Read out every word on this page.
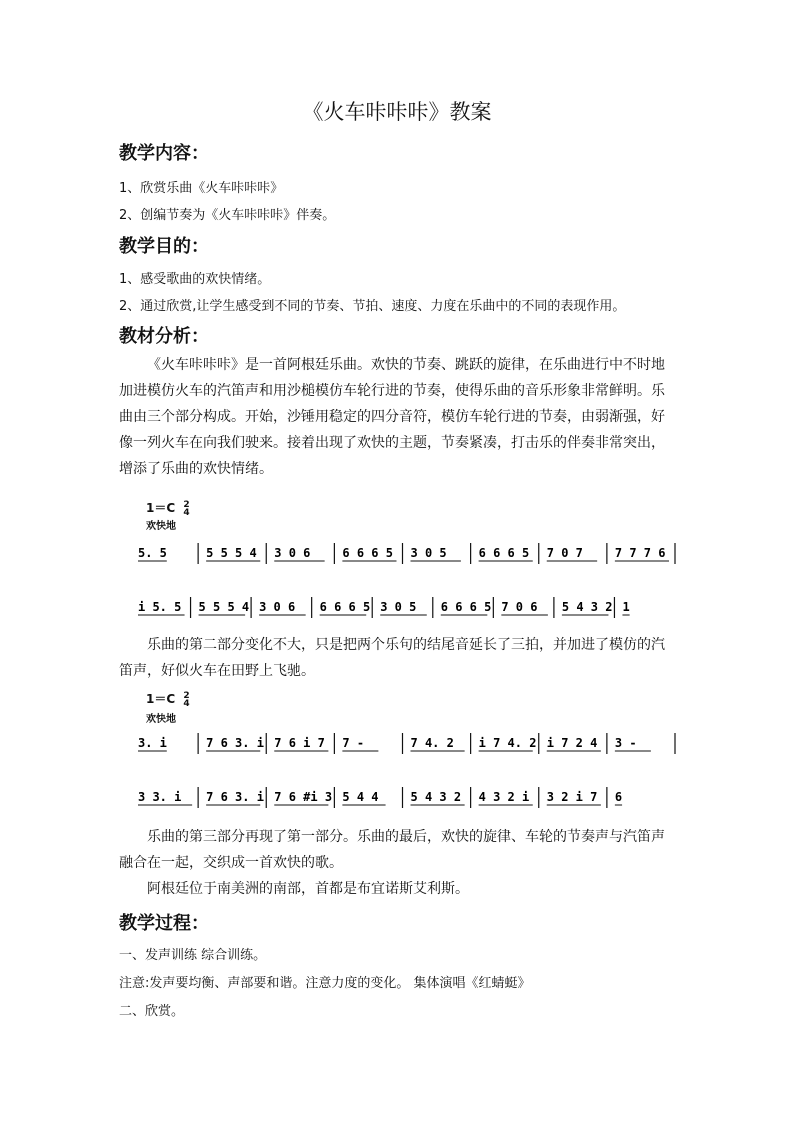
《火车咔咔咔》教案
教学内容：
1、欣赏乐曲《火车咔咔咔》
2、创编节奏为《火车咔咔咔》伴奏。
教学目的：
1、感受歌曲的欢快情绪。
2、通过欣赏,让学生感受到不同的节奏、节拍、速度、力度在乐曲中的不同的表现作用。
教材分析：
《火车咔咔咔》是一首阿根廷乐曲。欢快的节奏、跳跃的旋律，在乐曲进行中不时地加进模仿火车的汽笛声和用沙槌模仿车轮行进的节奏，使得乐曲的音乐形象非常鲜明。乐曲由三个部分构成。开始，沙锤用稳定的四分音符，模仿车轮行进的节奏，由弱渐强，好像一列火车在向我们驶来。接着出现了欢快的主题，节奏紧凑，打击乐的伴奏非常突出，增添了乐曲的欢快情绪。
1＝C 2
4
欢快地
5. 5	5 5 5 4 3 0 6	6 6 6 5 3 0 5	6 6 6 5 7 0 7	7 7 7 6
i 5. 5 5 5 5 4 3 0 6 6 6 6 5 3 0 5 6 6 6 5 7 0 6 5 4 3 2 1
乐曲的第二部分变化不大，只是把两个乐句的结尾音延长了三拍，并加进了模仿的汽笛声，好似火车在田野上飞驰。
1＝C 2
4
欢快地
3. i	7 6 3. i 7 6 i 7 7 -	7 4. 2 i 7 4. 2 i 7 2 4 3 -
3 3. i 7 6 3. i 7 6 #i 3 5 4 4	5 4 3 2 4 3 2 i 3 2 i 7 6
乐曲的第三部分再现了第一部分。乐曲的最后，欢快的旋律、车轮的节奏声与汽笛声融合在一起，交织成一首欢快的歌。
阿根廷位于南美洲的南部，首都是布宜诺斯艾利斯。
教学过程：
一、发声训练 综合训练。
注意:发声要均衡、声部要和谐。注意力度的变化。 集体演唱《红蜻蜓》
二、欣赏。
